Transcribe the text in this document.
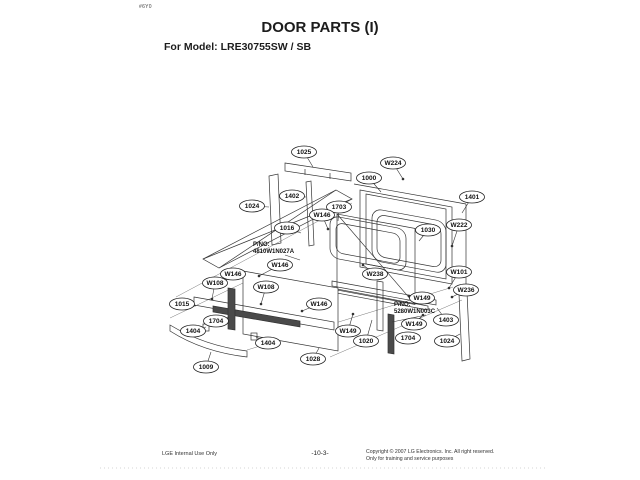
#6Y0
DOOR PARTS (I)
For Model: LRE30755SW / SB
1025
1402
1024	1703
W146
1016
1000
W224
1401
W222
1030
W238
W146
W146
W108
W108
W146
W101
W236
W149
1403
W149
1704	1024
1020
W149
1015
1704
1404
1404
1009
1028
P/NO: 4810W1N027A
P/NO: 5280W1N003C
LGE Internal Use Only	-10-3-	Copyright © 2007 LG Electronics. Inc. All right reserved.
Only for training and service purposes
